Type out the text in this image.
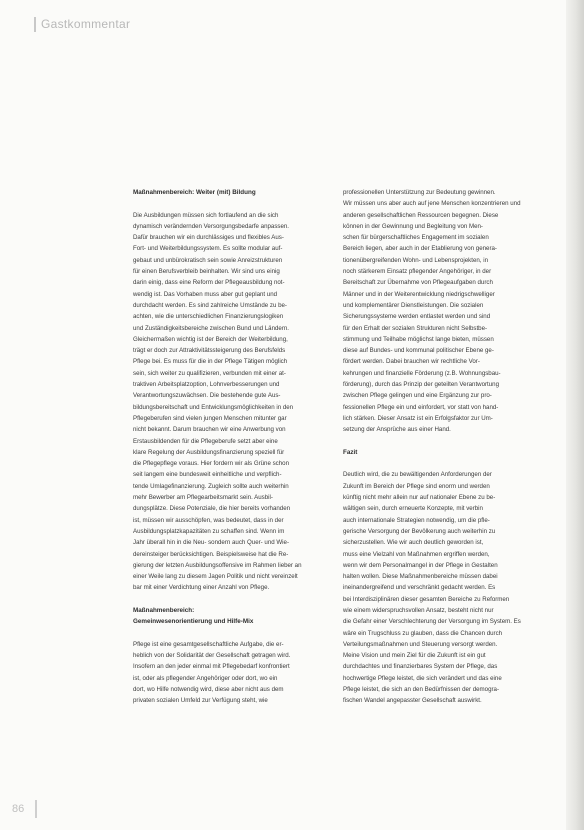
Gastkommentar
Maßnahmenbereich: Weiter (mit) Bildung

Die Ausbildungen müssen sich fortlaufend an die sich

dynamisch verändernden Versorgungsbedarfe anpassen.

Dafür brauchen wir ein durchlässiges und flexibles Aus-

Fort- und Weiterbildungssystem. Es sollte modular auf-

gebaut und unbürokratisch sein sowie Anreizstrukturen

für einen Berufsverbleib beinhalten. Wir sind uns einig

darin einig, dass eine Reform der Pflegeausbildung not-

wendig ist. Das Vorhaben muss aber gut geplant und

durchdacht werden. Es sind zahlreiche Umstände zu be-

achten, wie die unterschiedlichen Finanzierungslogiken

und Zuständigkeitsbereiche zwischen Bund und Ländern.

Gleichermaßen wichtig ist der Bereich der Weiterbildung,

trägt er doch zur Attraktivitätssteigerung des Berufsfelds

Pflege bei. Es muss für die in der Pflege Tätigen möglich

sein, sich weiter zu qualifizieren, verbunden mit einer at-

traktiven Arbeitsplatzoption, Lohnverbesserungen und

Verantwortungszuwächsen. Die bestehende gute Aus-

bildungsbereitschaft und Entwicklungsmöglichkeiten in den

Pflegeberufen sind vielen jungen Menschen mitunter gar

nicht bekannt. Darum brauchen wir eine Anwerbung von

Erstausbildenden für die Pflegeberufe setzt aber eine

klare Regelung der Ausbildungsfinanzierung speziell für

die Pflegepflege voraus. Hier fordern wir als Grüne schon

seit langem eine bundesweit einheitliche und verpflich-

tende Umlagefinanzierung. Zugleich sollte auch weiterhin

mehr Bewerber am Pflegearbeitsmarkt sein. Ausbil-

dungsplätze. Diese Potenziale, die hier bereits vorhanden

ist, müssen wir ausschöpfen, was bedeutet, dass in der

Ausbildungsplatzkapazitäten zu schaffen sind. Wenn im

Jahr überall hin in die Neu- sondern auch Quer- und Wie-

dereinsteiger berücksichtigen. Beispielsweise hat die Re-

gierung der letzten Ausbildungsoffensive im Rahmen lieber an

einer Weile lang zu diesem Jagen Politik und nicht vereinzelt

bar mit einer Verdichtung einer Anzahl von Pflege.

Maßnahmenbereich:
Gemeinwesenorientierung und Hilfe-Mix

Pflege ist eine gesamtgesellschaftliche Aufgabe, die er-

heblich von der Solidarität der Gesellschaft getragen wird.

Insofern an den jeder einmal mit Pflegebedarf konfrontiert

ist, oder als pflegender Angehöriger oder dort, wo ein

dort, wo Hilfe notwendig wird, diese aber nicht aus dem

privaten sozialen Umfeld zur Verfügung steht, wie

professionellen Unterstützung zur Bedeutung gewinnen.

Wir müssen uns aber auch auf jene Menschen konzentrieren und

anderen gesellschaftlichen Ressourcen begegnen. Diese

können in der Gewinnung und Begleitung von Men-

schen für bürgerschaftliches Engagement im sozialen

Bereich liegen, aber auch in der Etablierung von genera-

tionenübergreifenden Wohn- und Lebensprojekten, in

noch stärkerem Einsatz pflegender Angehöriger, in der

Bereitschaft zur Übernahme von Pflegeaufgaben durch

Männer und in der Weiterentwicklung niedrigschwelliger

und komplementärer Dienstleistungen. Die sozialen

Sicherungssysteme werden entlastet werden und sind

für den Erhalt der sozialen Strukturen nicht Selbstbe-

stimmung und Teilhabe möglichst lange bieten, müssen

diese auf Bundes- und kommunal politischer Ebene ge-

fördert werden. Dabei brauchen wir rechtliche Vor-

kehrungen und finanzielle Förderung (z.B. Wohnungsbau-

förderung), durch das Prinzip der geteilten Verantwortung

zwischen Pflege gelingen und eine Ergänzung zur pro-

fessionellen Pflege ein und einfordert, vor statt von hand-

lich stärken. Dieser Ansatz ist ein Erfolgsfaktor zur Um-

setzung der Ansprüche aus einer Hand.

Fazit

Deutlich wird, die zu bewältigenden Anforderungen der

Zukunft im Bereich der Pflege sind enorm und werden

künftig nicht mehr allein nur auf nationaler Ebene zu be-

wältigen sein, durch erneuerte Konzepte, mit verbin

auch internationale Strategien notwendig, um die pfle-

gerische Versorgung der Bevölkerung auch weiterhin zu

sicherzustellen. Wie wir auch deutlich geworden ist,

muss eine Vielzahl von Maßnahmen ergriffen werden,

wenn wir dem Personalmangel in der Pflege in Gestalten

halten wollen. Diese Maßnahmenbereiche müssen dabei

ineinandergreifend und verschränkt gedacht werden. Es

bei Interdisziplinären dieser gesamten Bereiche zu Reformen

wie einem widerspruchsvollen Ansatz, besteht nicht nur

die Gefahr einer Verschlechterung der Versorgung im System. Es

wäre ein Trugschluss zu glauben, dass die Chancen durch

Verteilungsmaßnahmen und Steuerung versorgt werden.

Meine Vision und mein Ziel für die Zukunft ist ein gut

durchdachtes und finanzierbares System der Pflege, das

hochwertige Pflege leistet, die sich verändert und das eine

Pflege leistet, die sich an den Bedürfnissen der demogra-

fischen Wandel angepasster Gesellschaft auswirkt.

86
